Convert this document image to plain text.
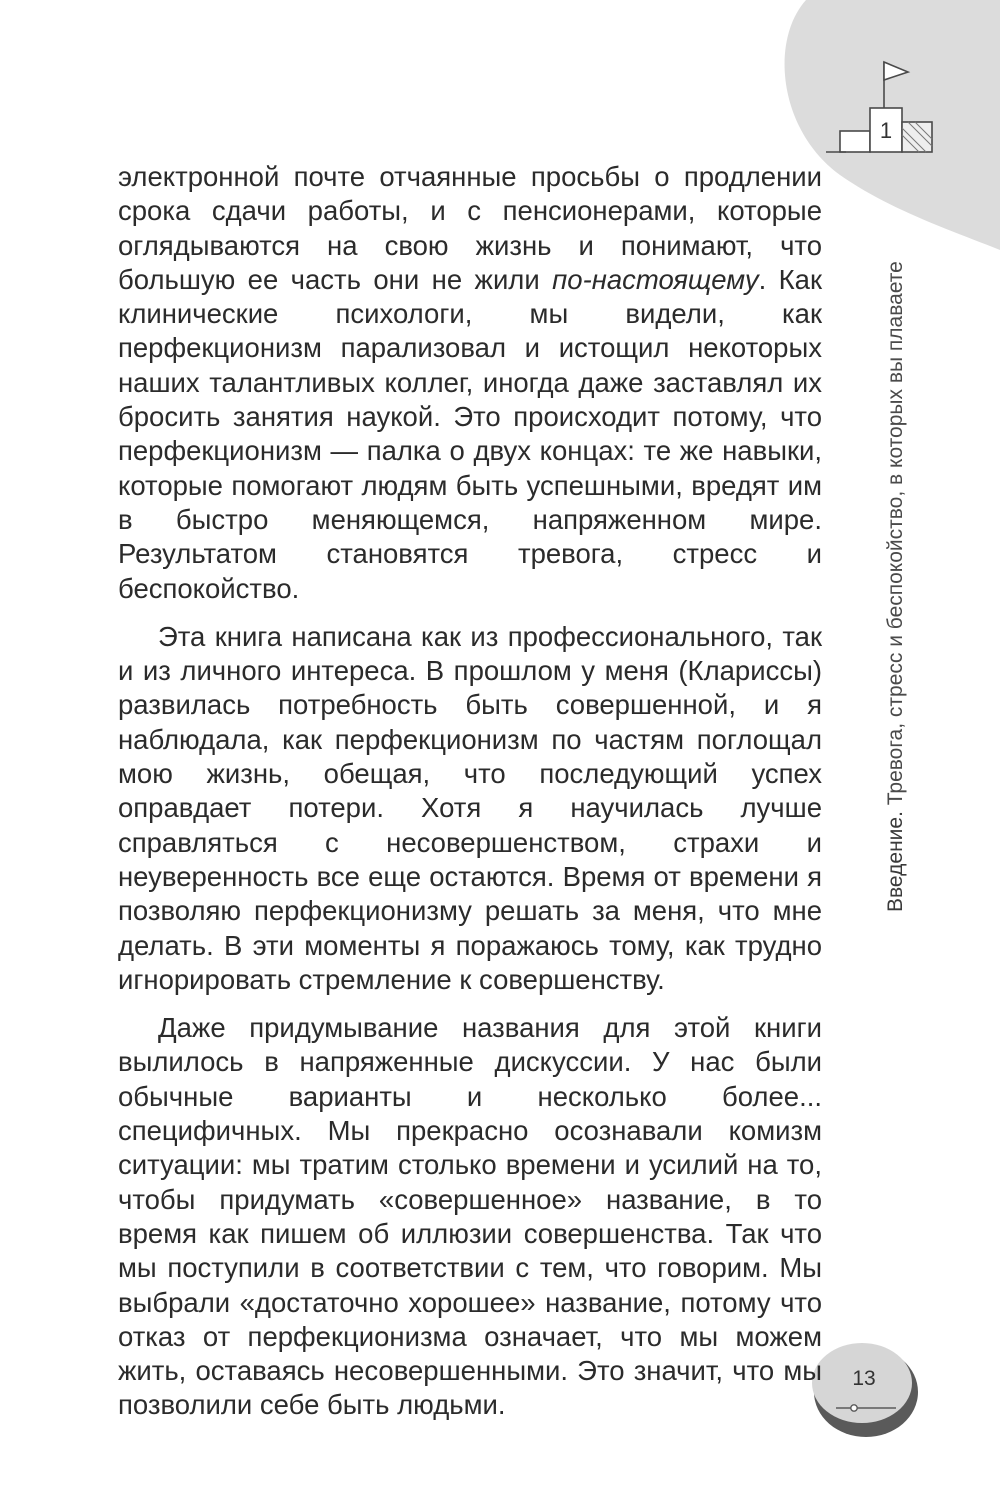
1

электронной почте отчаянные просьбы о продлении срока сдачи работы, и с пенсионерами, которые оглядываются на свою жизнь и понимают, что большую ее часть они не жили по-настоящему. Как клинические психологи, мы видели, как перфекционизм парализовал и истощил некоторых наших талантливых коллег, иногда даже заставлял их бросить занятия наукой. Это происходит потому, что перфекционизм — палка о двух концах: те же навыки, которые помогают людям быть успешными, вредят им в быстро меняющемся, напряженном мире. Результатом становятся тревога, стресс и беспокойство.

Эта книга написана как из профессионального, так и из личного интереса. В прошлом у меня (Клариссы) развилась потребность быть совершенной, и я наблюдала, как перфекционизм по частям поглощал мою жизнь, обещая, что последующий успех оправдает потери. Хотя я научилась лучше справляться с несовершенством, страхи и неуверенность все еще остаются. Время от времени я позволяю перфекционизму решать за меня, что мне делать. В эти моменты я поражаюсь тому, как трудно игнорировать стремление к совершенству.

Даже придумывание названия для этой книги вылилось в напряженные дискуссии. У нас были обычные варианты и несколько более... специфичных. Мы прекрасно осознавали комизм ситуации: мы тратим столько времени и усилий на то, чтобы придумать «совершенное» название, в то время как пишем об иллюзии совершенства. Так что мы поступили в соответствии с тем, что говорим. Мы выбрали «достаточно хорошее» название, потому что отказ от перфекционизма означает, что мы можем жить, оставаясь несовершенными. Это значит, что мы позволили себе быть людьми.

Введение. Тревога, стресс и беспокойство, в которых вы плаваете
13
